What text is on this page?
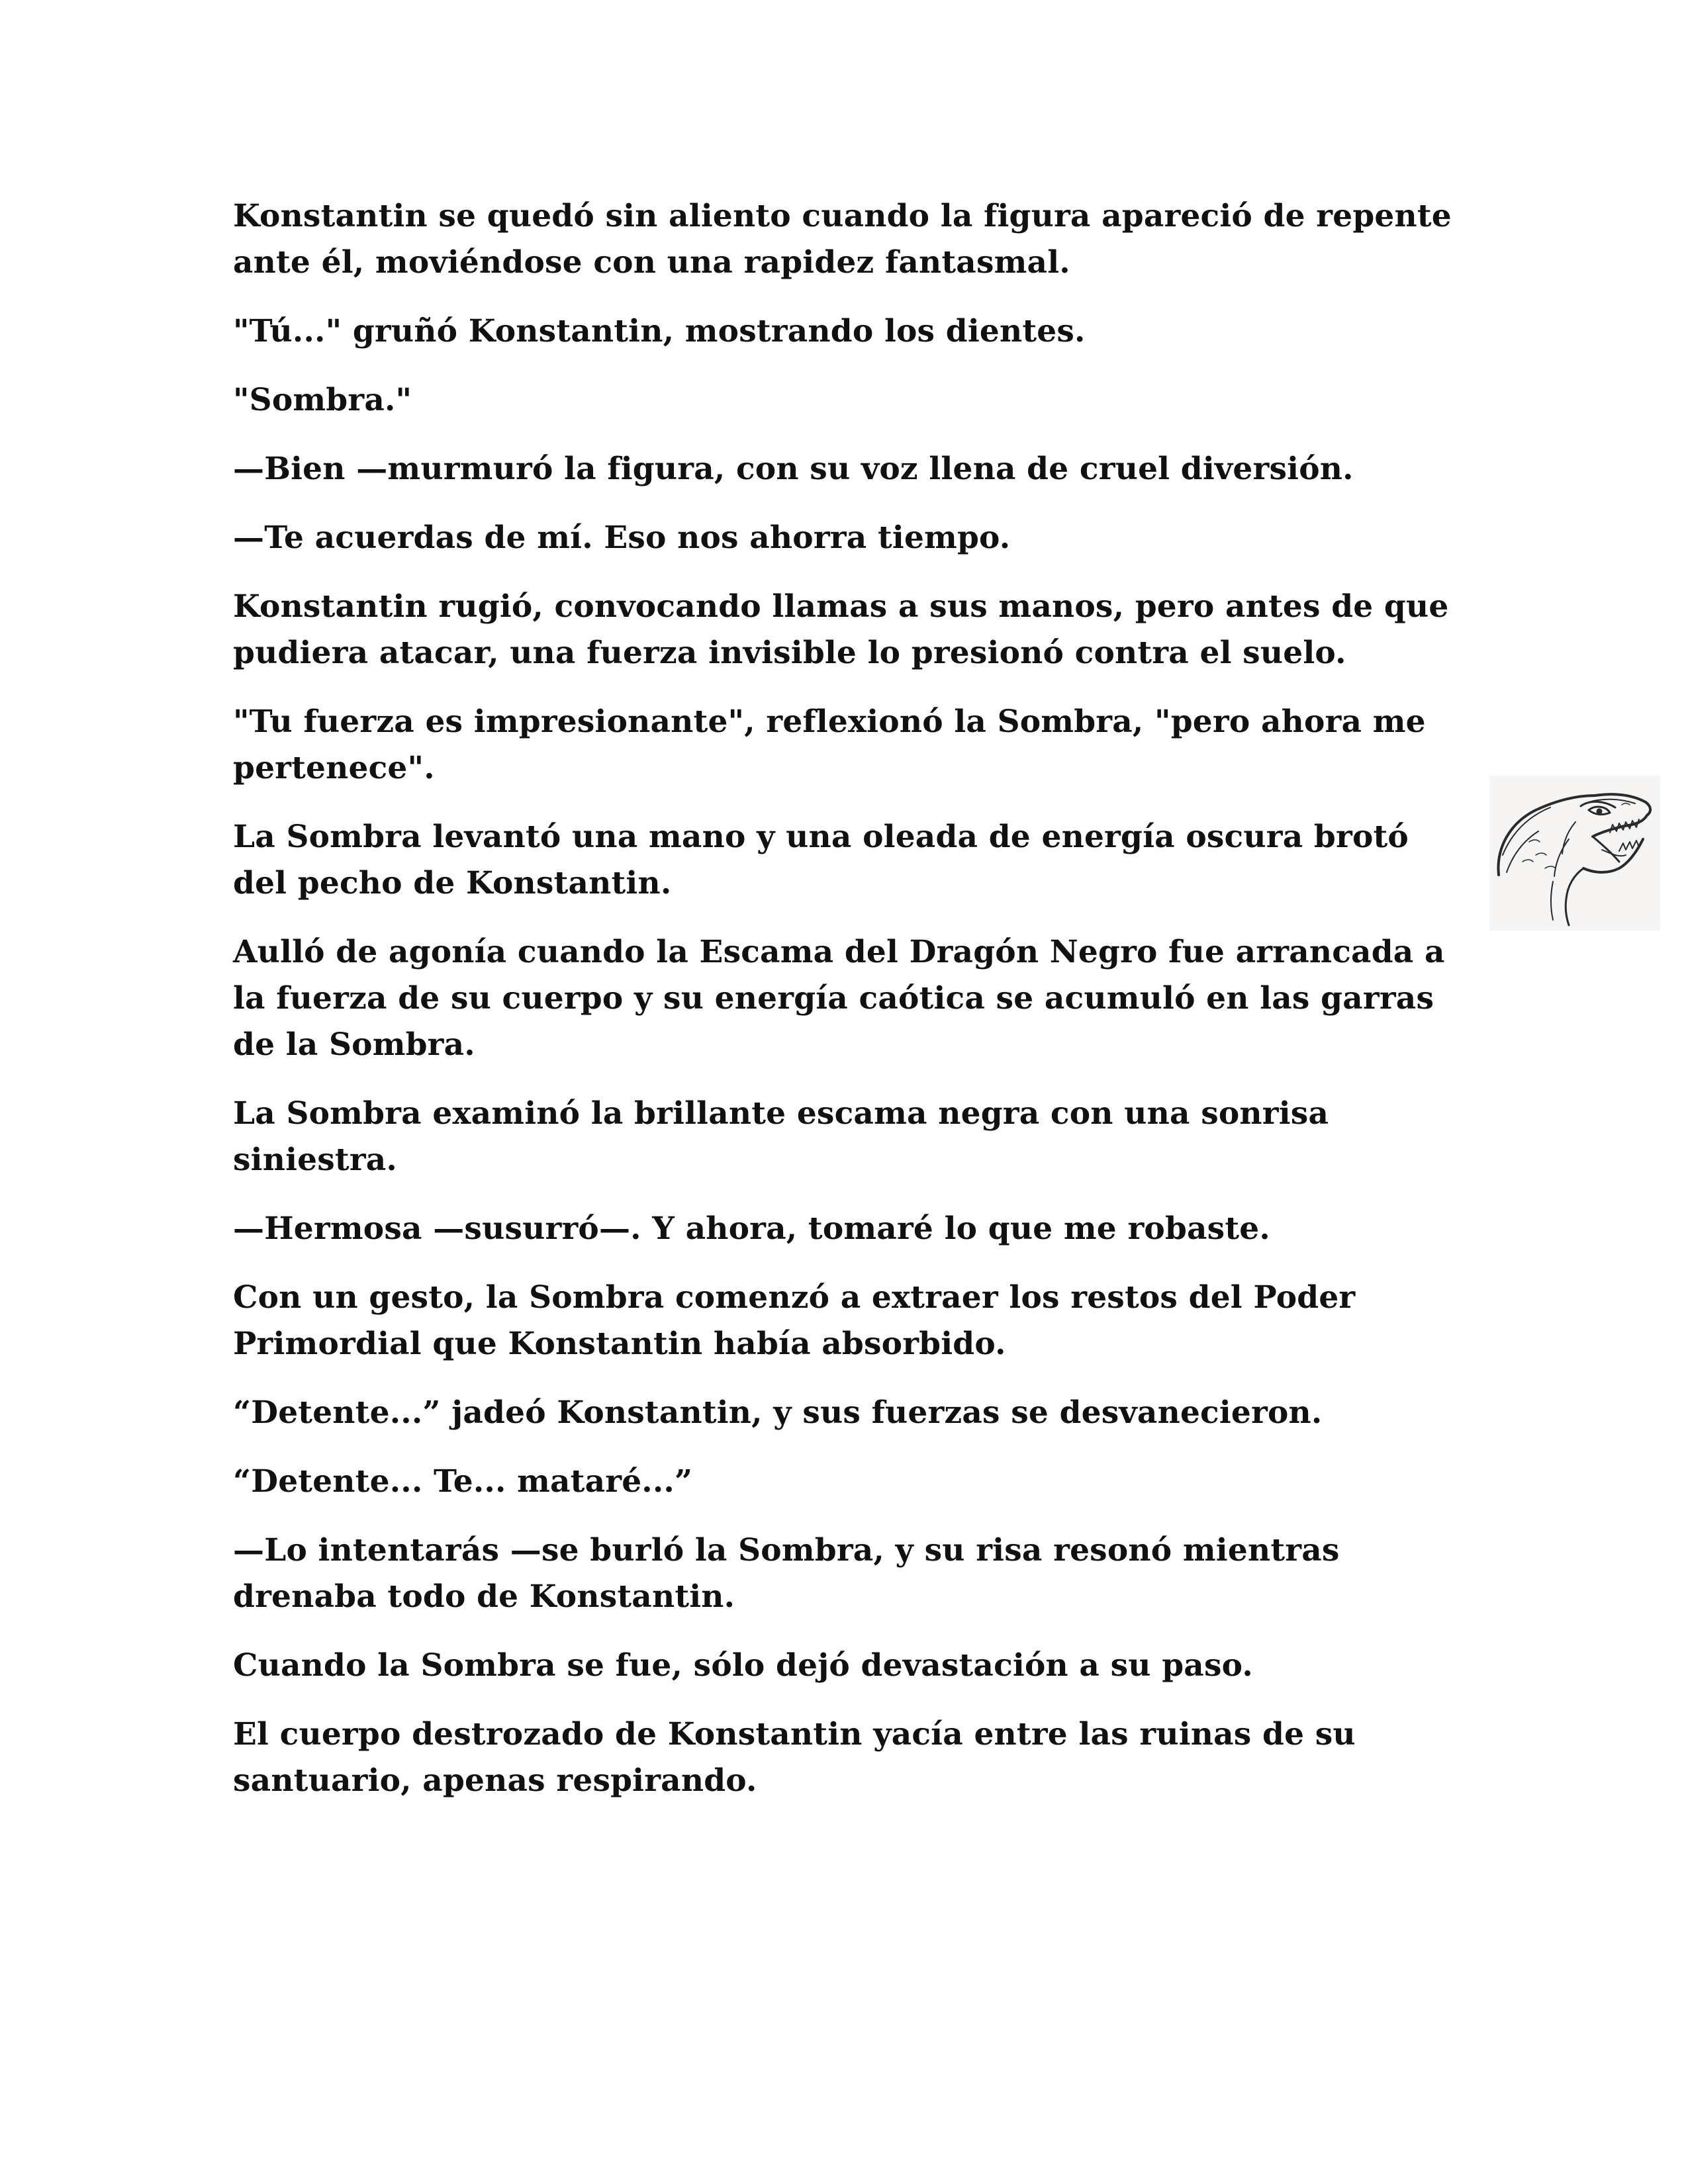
Konstantin se quedó sin aliento cuando la figura apareció de repente ante él, moviéndose con una rapidez fantasmal.

"Tú..." gruñó Konstantin, mostrando los dientes.

"Sombra."

—Bien —murmuró la figura, con su voz llena de cruel diversión.

—Te acuerdas de mí. Eso nos ahorra tiempo.

Konstantin rugió, convocando llamas a sus manos, pero antes de que pudiera atacar, una fuerza invisible lo presionó contra el suelo.

"Tu fuerza es impresionante", reflexionó la Sombra, "pero ahora me pertenece".

La Sombra levantó una mano y una oleada de energía oscura brotó del pecho de Konstantin.

Aulló de agonía cuando la Escama del Dragón Negro fue arrancada a la fuerza de su cuerpo y su energía caótica se acumuló en las garras de la Sombra.

La Sombra examinó la brillante escama negra con una sonrisa siniestra.

—Hermosa —susurró—. Y ahora, tomaré lo que me robaste.

Con un gesto, la Sombra comenzó a extraer los restos del Poder Primordial que Konstantin había absorbido.

“Detente...” jadeó Konstantin, y sus fuerzas se desvanecieron.

“Detente... Te... mataré...”

—Lo intentarás —se burló la Sombra, y su risa resonó mientras drenaba todo de Konstantin.

Cuando la Sombra se fue, sólo dejó devastación a su paso.

El cuerpo destrozado de Konstantin yacía entre las ruinas de su santuario, apenas respirando.
